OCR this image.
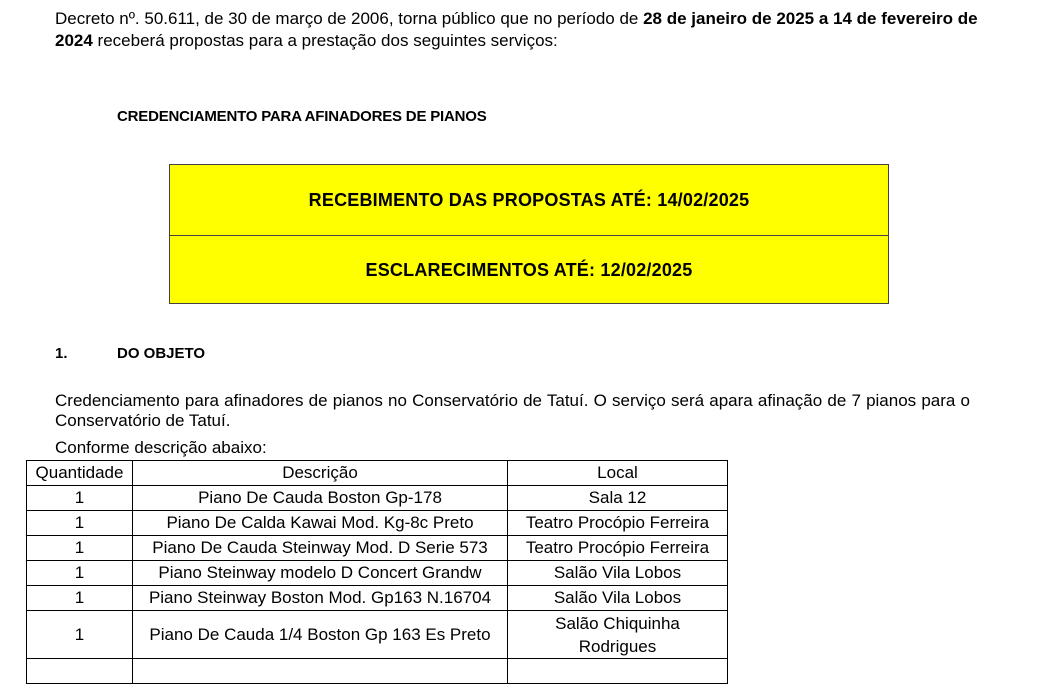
Decreto nº. 50.611, de 30 de março de 2006, torna público que no período de 28 de janeiro de 2025 a 14 de fevereiro de 2024 receberá propostas para a prestação dos seguintes serviços:
CREDENCIAMENTO PARA AFINADORES DE PIANOS
RECEBIMENTO DAS PROPOSTAS ATÉ: 14/02/2025
ESCLARECIMENTOS ATÉ: 12/02/2025
1.	DO OBJETO
Credenciamento para afinadores de pianos no Conservatório de Tatuí. O serviço será apara afinação de 7 pianos para o Conservatório de Tatuí.
Conforme descrição abaixo:
Quantidade	Descrição	Local
1	Piano De Cauda Boston Gp-178	Sala 12
1	Piano De Calda Kawai Mod. Kg-8c Preto	Teatro Procópio Ferreira
1	Piano De Cauda Steinway Mod. D Serie 573	Teatro Procópio Ferreira
1	Piano Steinway modelo D Concert Grandw	Salão Vila Lobos
1	Piano Steinway Boston Mod. Gp163 N.16704	Salão Vila Lobos
1	Piano De Cauda 1/4 Boston Gp 163 Es Preto	Salão Chiquinha
Rodrigues
